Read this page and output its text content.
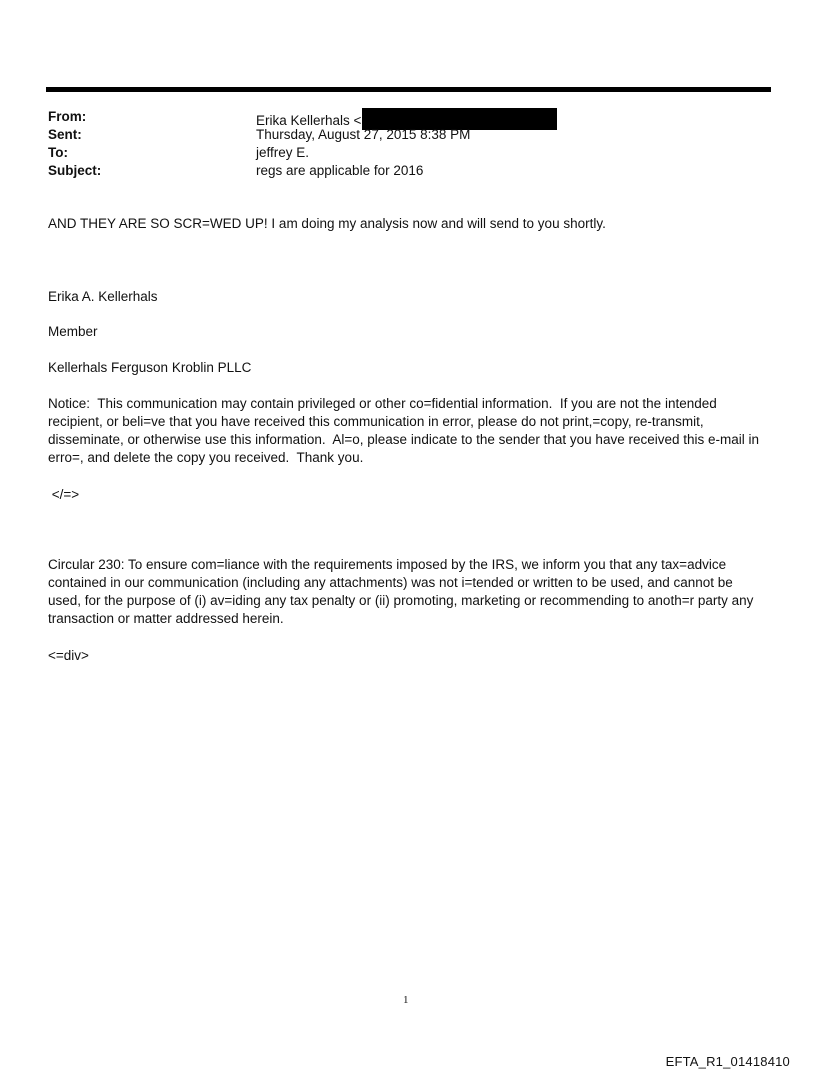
From:	Erika Kellerhals <
Sent:	Thursday, August 27, 2015 8:38 PM
To:	jeffrey E.
Subject:	regs are applicable for 2016

AND THEY ARE SO SCR=WED UP! I am doing my analysis now and will send to you shortly.

Erika A. Kellerhals

Member

Kellerhals Ferguson Kroblin PLLC

Notice:  This communication may contain privileged or other co=fidential information.  If you are not the intended
recipient, or beli=ve that you have received this communication in error, please do not print,=copy, re-transmit,
disseminate, or otherwise use this information.  Al=o, please indicate to the sender that you have received this e-mail in
erro=, and delete the copy you received.  Thank you.

</=>

Circular 230: To ensure com=liance with the requirements imposed by the IRS, we inform you that any tax=advice
contained in our communication (including any attachments) was not i=tended or written to be used, and cannot be
used, for the purpose of (i) av=iding any tax penalty or (ii) promoting, marketing or recommending to anoth=r party any
transaction or matter addressed herein.

<=div>

1
EFTA_R1_01418410
